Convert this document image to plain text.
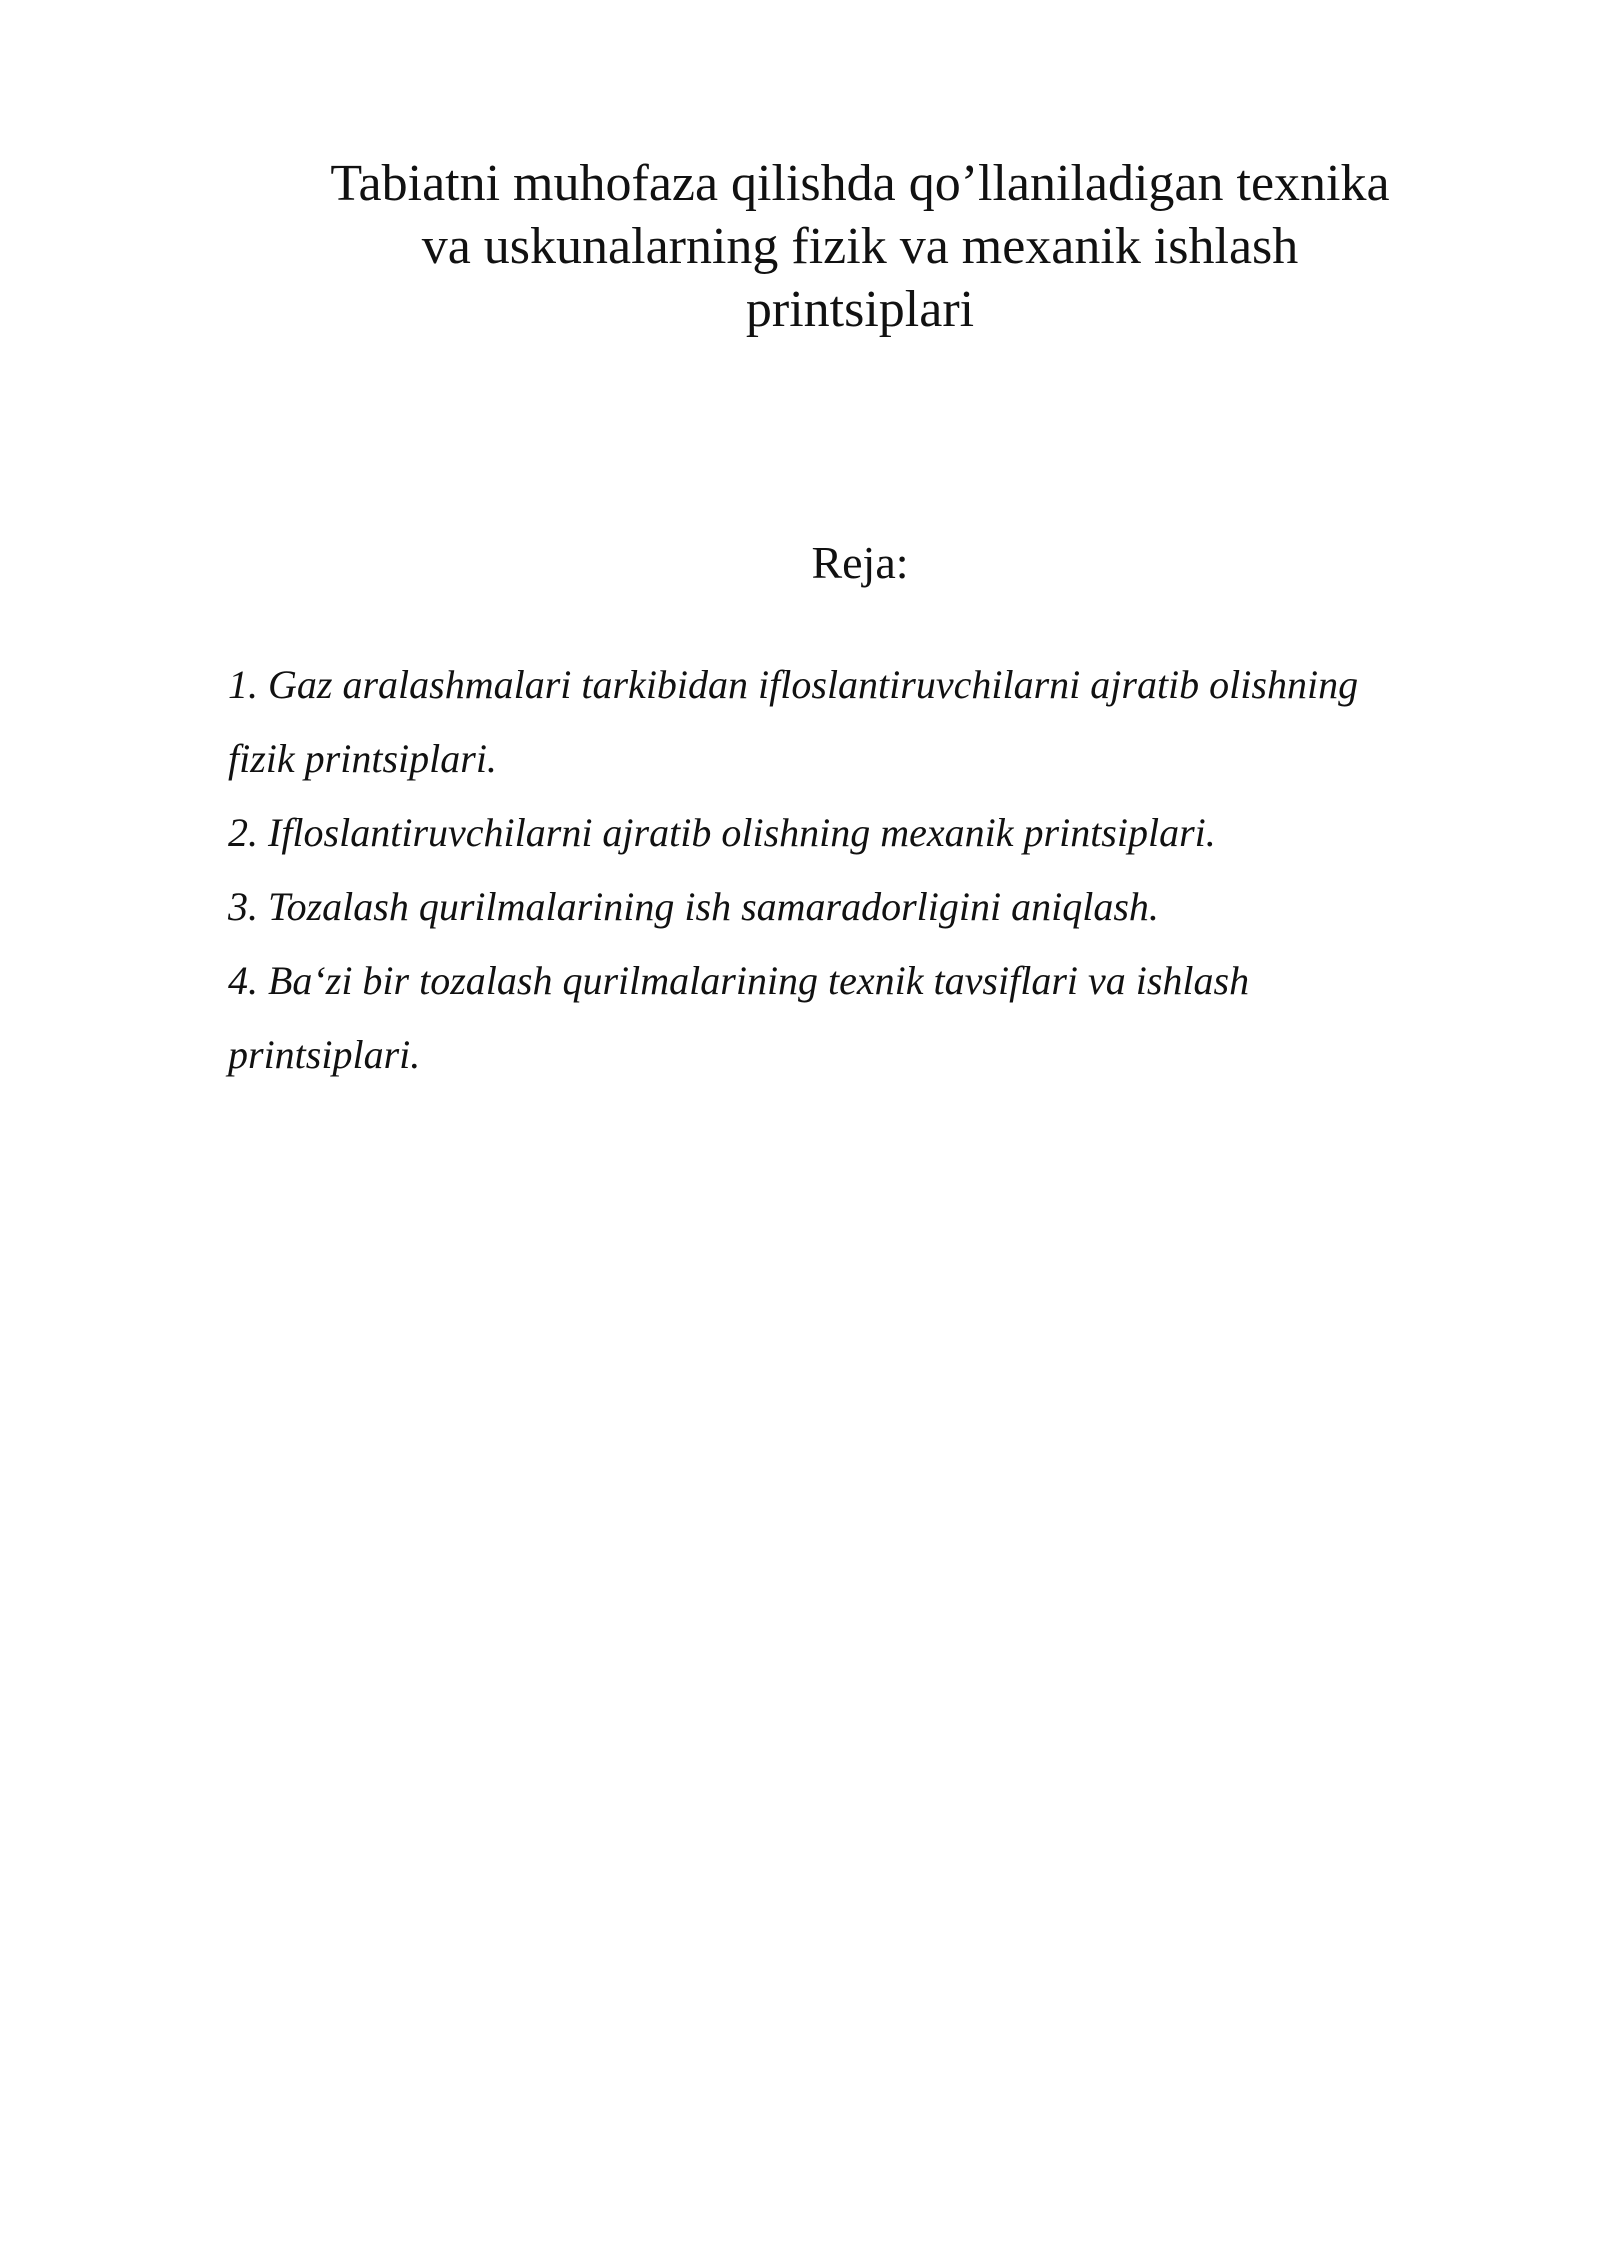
Tabiatni muhofaza qilishda qo’llaniladigan texnika
va uskunalarning fizik va mexanik ishlash
printsiplari
Reja:
1. Gaz aralashmalari tarkibidan ifloslantiruvchilarni ajratib olishning
fizik printsiplari.
2. Ifloslantiruvchilarni ajratib olishning mexanik printsiplari.
3. Tozalash qurilmalarining ish samaradorligini aniqlash.
4. Ba‘zi bir tozalash qurilmalarining texnik tavsiflari va ishlash
printsiplari.
